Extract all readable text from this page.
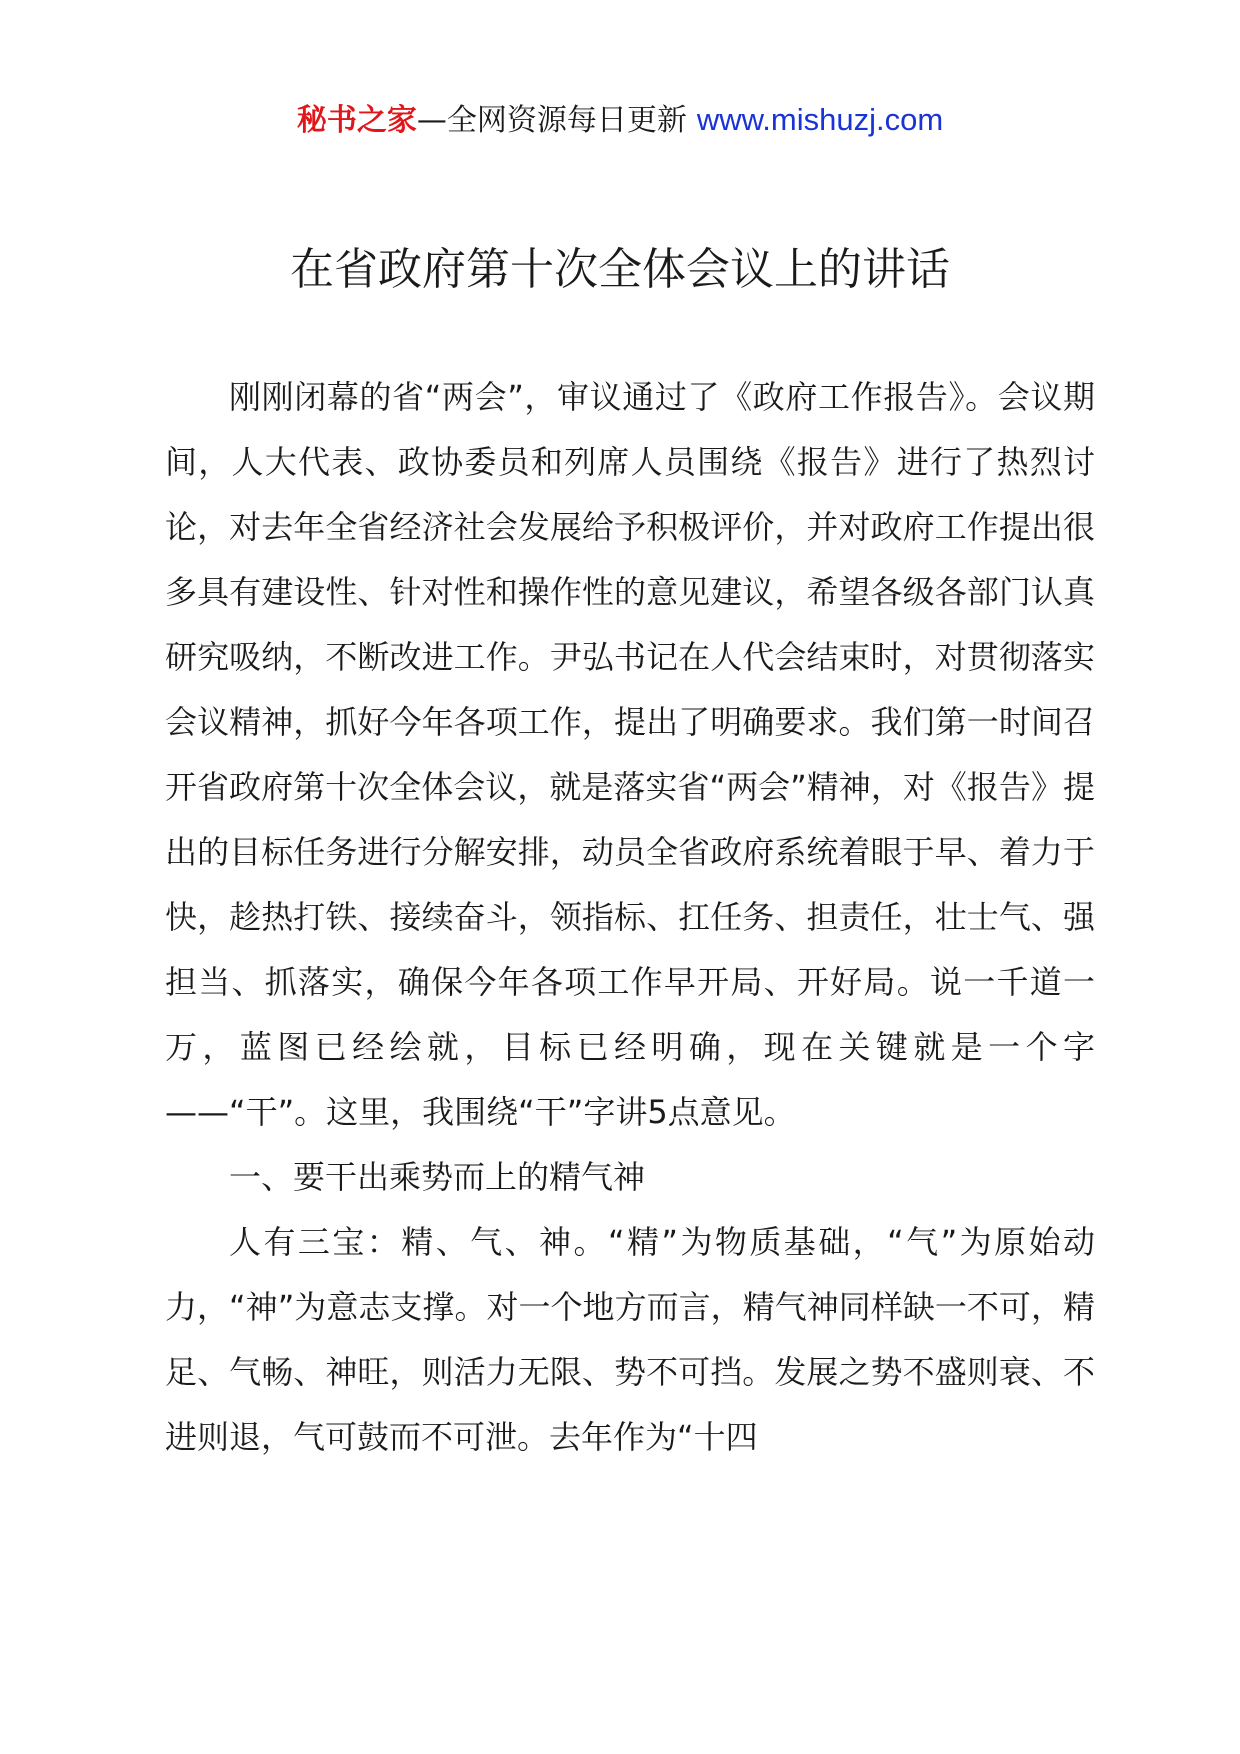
秘书之家—全网资源每日更新 www.mishuzj.com
在省政府第十次全体会议上的讲话

刚刚闭幕的省“两会”，审议通过了《政府工作报告》。会议期间，人大代表、政协委员和列席人员围绕《报告》进行了热烈讨论，对去年全省经济社会发展给予积极评价，并对政府工作提出很多具有建设性、针对性和操作性的意见建议，希望各级各部门认真研究吸纳，不断改进工作。尹弘书记在人代会结束时，对贯彻落实会议精神，抓好今年各项工作，提出了明确要求。我们第一时间召开省政府第十次全体会议，就是落实省“两会”精神，对《报告》提出的目标任务进行分解安排，动员全省政府系统着眼于早、着力于快，趁热打铁、接续奋斗，领指标、扛任务、担责任，壮士气、强担当、抓落实，确保今年各项工作早开局、开好局。说一千道一万，蓝图已经绘就，目标已经明确，现在关键就是一个字——“干”。这里，我围绕“干”字讲5点意见。

一、要干出乘势而上的精气神

人有三宝：精、气、神。“精”为物质基础，“气”为原始动力，“神”为意志支撑。对一个地方而言，精气神同样缺一不可，精足、气畅、神旺，则活力无限、势不可挡。发展之势不盛则衰、不进则退，气可鼓而不可泄。去年作为“十四
